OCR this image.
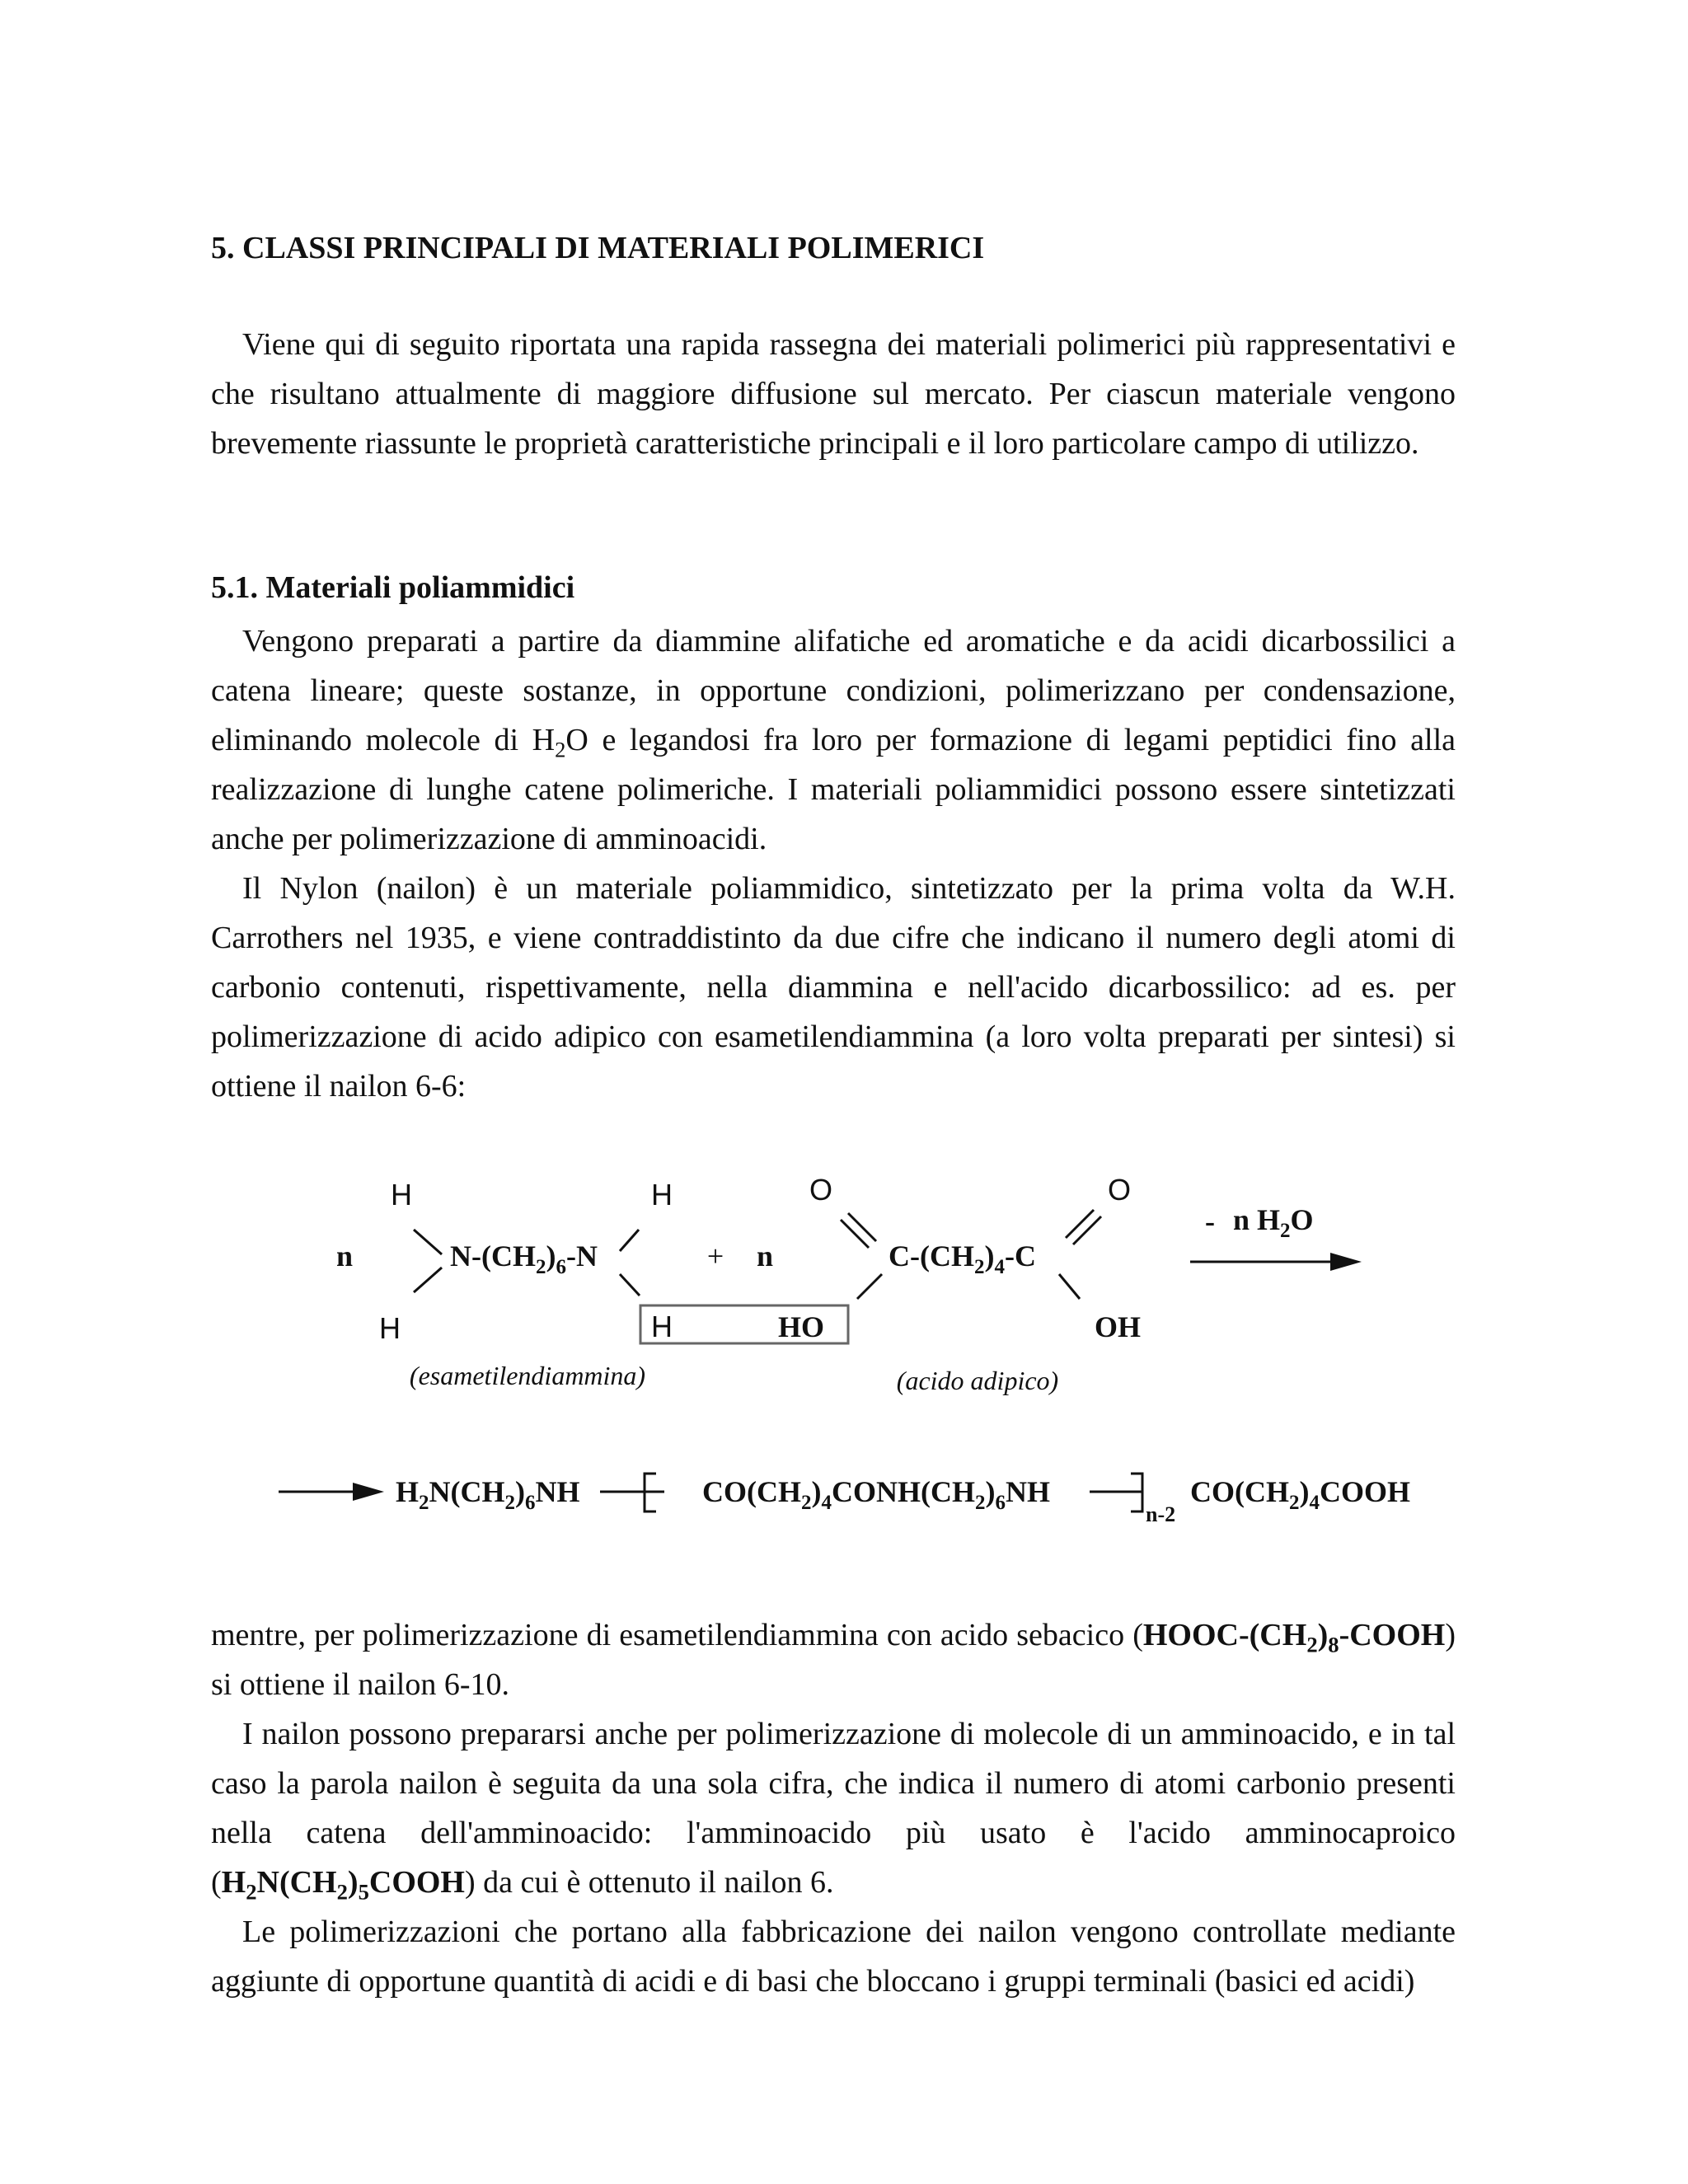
5. CLASSI PRINCIPALI DI MATERIALI POLIMERICI

Viene qui di seguito riportata una rapida rassegna dei materiali polimerici più rappresentativi e che risultano attualmente di maggiore diffusione sul mercato. Per ciascun materiale vengono brevemente riassunte le proprietà caratteristiche principali e il loro particolare campo di utilizzo.

5.1. Materiali poliammidici

Vengono preparati a partire da diammine alifatiche ed aromatiche e da acidi dicarbossilici a catena lineare; queste sostanze, in opportune condizioni, polimerizzano per condensazione, eliminando molecole di $H_2O$ e legandosi fra loro per formazione di legami peptidici fino alla realizzazione di lunghe catene polimeriche. I materiali poliammidici possono essere sintetizzati anche per polimerizzazione di amminoacidi.

Il Nylon (nailon) è un materiale poliammidico, sintetizzato per la prima volta da W.H. Carrothers nel 1935, e viene contraddistinto da due cifre che indicano il numero degli atomi di carbonio contenuti, rispettivamente, nella diammina e nell'acido dicarbossilico: ad es. per polimerizzazione di acido adipico con esametilendiammina (a loro volta preparati per sintesi) si ottiene il nailon 6-6:

H
n	$N-(CH_2)_6-N$
H
H
H	HO
+ n
O
$C-(CH_2)_4-C$
O
OH
- n $H_2O$
(esametilendiammina)	(acido adipico)
$H_2N(CH_2)_6NH$	$CO(CH_2)_4CONH(CH_2)_6NH$
n-2
$CO(CH_2)_4COOH$

mentre, per polimerizzazione di esametilendiammina con acido sebacico $(HOOC-(CH_2)_8-COOH)$ si ottiene il nailon 6-10.

I nailon possono prepararsi anche per polimerizzazione di molecole di un amminoacido, e in tal caso la parola nailon è seguita da una sola cifra, che indica il numero di atomi carbonio presenti nella catena dell'amminoacido: l'amminoacido più usato è l'acido amminocaproico $(H_2N(CH_2)_5COOH)$ da cui è ottenuto il nailon 6.

Le polimerizzazioni che portano alla fabbricazione dei nailon vengono controllate mediante aggiunte di opportune quantità di acidi e di basi che bloccano i gruppi terminali (basici ed acidi)
